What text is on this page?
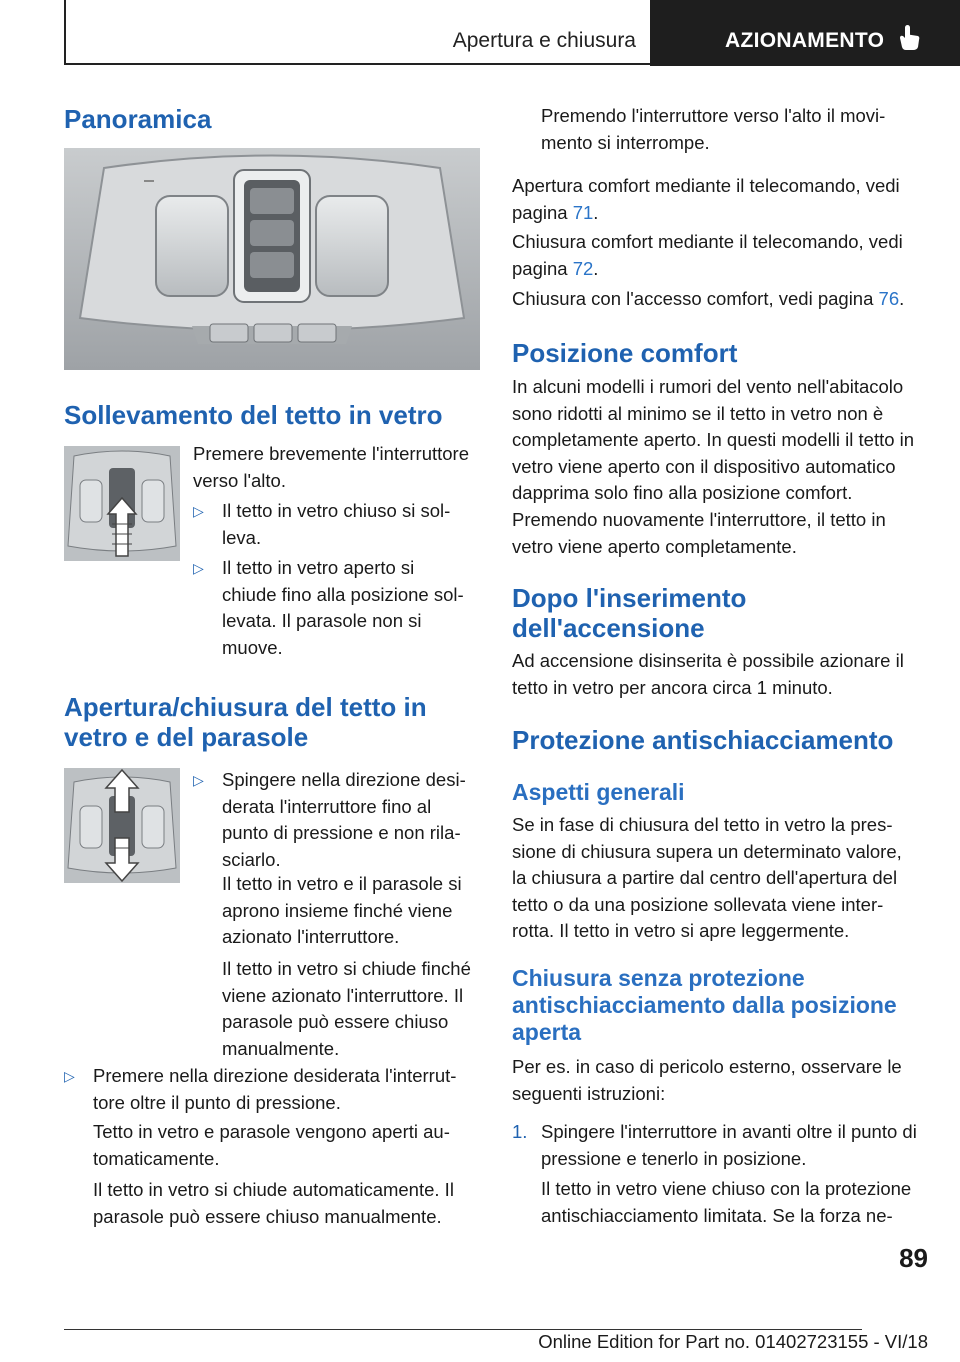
Apertura e chiusura	AZIONAMENTO
Panoramica
Sollevamento del tetto in vetro
Premere brevemente l'interruttore verso l'alto.
▷ Il tetto in vetro chiuso si solleva.
▷ Il tetto in vetro aperto si chiude fino alla posizione sollevata. Il parasole non si muove.
Apertura/chiusura del tetto in vetro e del parasole
▷ Spingere nella direzione desiderata l'interruttore fino al punto di pressione e non rilasciarlo.
Il tetto in vetro e il parasole si aprono insieme finché viene azionato l'interruttore.
Il tetto in vetro si chiude finché viene azionato l'interruttore. Il parasole può essere chiuso manualmente.
▷ Premere nella direzione desiderata l'interruttore oltre il punto di pressione.
Tetto in vetro e parasole vengono aperti automaticamente.
Il tetto in vetro si chiude automaticamente. Il parasole può essere chiuso manualmente.
Premendo l'interruttore verso l'alto il movimento si interrompe.
Apertura comfort mediante il telecomando, vedi pagina 71.
Chiusura comfort mediante il telecomando, vedi pagina 72.
Chiusura con l'accesso comfort, vedi pagina 76.
Posizione comfort
In alcuni modelli i rumori del vento nell'abitacolo sono ridotti al minimo se il tetto in vetro non è completamente aperto. In questi modelli il tetto in vetro viene aperto con il dispositivo automatico dapprima solo fino alla posizione comfort.
Premendo nuovamente l'interruttore, il tetto in vetro viene aperto completamente.
Dopo l'inserimento dell'accensione
Ad accensione disinserita è possibile azionare il tetto in vetro per ancora circa 1 minuto.
Protezione antischiacciamento
Aspetti generali
Se in fase di chiusura del tetto in vetro la pressione di chiusura supera un determinato valore, la chiusura a partire dal centro dell'apertura del tetto o da una posizione sollevata viene interrotta. Il tetto in vetro si apre leggermente.
Chiusura senza protezione antischiacciamento dalla posizione aperta
Per es. in caso di pericolo esterno, osservare le seguenti istruzioni:
1. Spingere l'interruttore in avanti oltre il punto di pressione e tenerlo in posizione.
Il tetto in vetro viene chiuso con la protezione antischiacciamento limitata. Se la forza ne-
89
Online Edition for Part no. 01402723155 - VI/18
